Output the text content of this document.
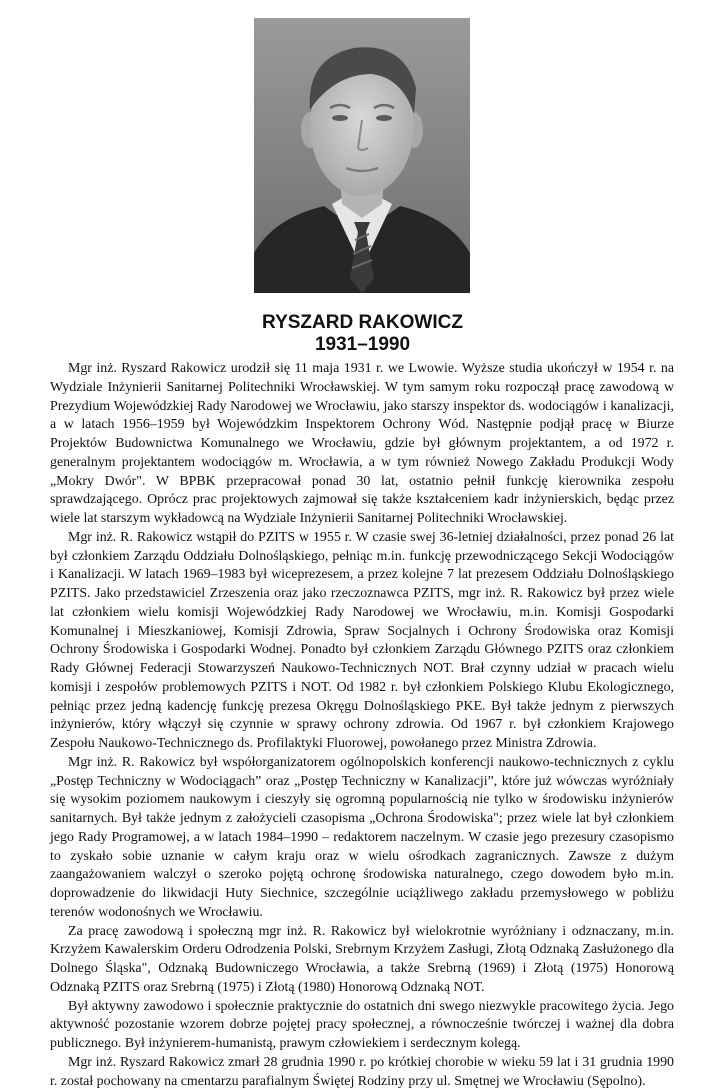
RYSZARD RAKOWICZ
1931–1990

Mgr inż. Ryszard Rakowicz urodził się 11 maja 1931 r. we Lwowie. Wyższe studia ukończył w 1954 r. na Wydziale Inżynierii Sanitarnej Politechniki Wrocławskiej. W tym samym roku rozpoczął pracę zawodową w Prezydium Wojewódzkiej Rady Narodowej we Wrocławiu, jako starszy inspektor ds. wodociągów i kanalizacji, a w latach 1956–1959 był Wojewódzkim Inspektorem Ochrony Wód. Następnie podjął pracę w Biurze Projektów Budownictwa Komunalnego we Wrocławiu, gdzie był głównym projektantem, a od 1972 r. generalnym projektantem wodociągów m. Wrocławia, a w tym również Nowego Zakładu Produkcji Wody „Mokry Dwór". W BPBK przepracował ponad 30 lat, ostatnio pełnił funkcję kierownika zespołu sprawdzającego. Oprócz prac projektowych zajmował się także kształceniem kadr inżynierskich, będąc przez wiele lat starszym wykładowcą na Wydziale Inżynierii Sanitarnej Politechniki Wrocławskiej.

Mgr inż. R. Rakowicz wstąpił do PZITS w 1955 r. W czasie swej 36-letniej działalności, przez ponad 26 lat był członkiem Zarządu Oddziału Dolnośląskiego, pełniąc m.in. funkcję przewodniczącego Sekcji Wodociągów i Kanalizacji. W latach 1969–1983 był wiceprezesem, a przez kolejne 7 lat prezesem Oddziału Dolnośląskiego PZITS. Jako przedstawiciel Zrzeszenia oraz jako rzeczoznawca PZITS, mgr inż. R. Rakowicz był przez wiele lat członkiem wielu komisji Wojewódzkiej Rady Narodowej we Wrocławiu, m.in. Komisji Gospodarki Komunalnej i Mieszkaniowej, Komisji Zdrowia, Spraw Socjalnych i Ochrony Środowiska oraz Komisji Ochrony Środowiska i Gospodarki Wodnej. Ponadto był członkiem Zarządu Głównego PZITS oraz członkiem Rady Głównej Federacji Stowarzyszeń Naukowo-Technicznych NOT. Brał czynny udział w pracach wielu komisji i zespołów problemowych PZITS i NOT. Od 1982 r. był członkiem Polskiego Klubu Ekologicznego, pełniąc przez jedną kadencję funkcję prezesa Okręgu Dolnośląskiego PKE. Był także jednym z pierwszych inżynierów, który włączył się czynnie w sprawy ochrony zdrowia. Od 1967 r. był członkiem Krajowego Zespołu Naukowo-Technicznego ds. Profilaktyki Fluorowej, powołanego przez Ministra Zdrowia.

Mgr inż. R. Rakowicz był współorganizatorem ogólnopolskich konferencji naukowo-technicznych z cyklu „Postęp Techniczny w Wodociągach” oraz „Postęp Techniczny w Kanalizacji”, które już wówczas wyróżniały się wysokim poziomem naukowym i cieszyły się ogromną popularnością nie tylko w środowisku inżynierów sanitarnych. Był także jednym z założycieli czasopisma „Ochrona Środowiska"; przez wiele lat był członkiem jego Rady Programowej, a w latach 1984–1990 – redaktorem naczelnym. W czasie jego prezesury czasopismo to zyskało sobie uznanie w całym kraju oraz w wielu ośrodkach zagranicznych. Zawsze z dużym zaangażowaniem walczył o szeroko pojętą ochronę środowiska naturalnego, czego dowodem było m.in. doprowadzenie do likwidacji Huty Siechnice, szczególnie uciążliwego zakładu przemysłowego w pobliżu terenów wodonośnych we Wrocławiu.

Za pracę zawodową i społeczną mgr inż. R. Rakowicz był wielokrotnie wyróżniany i odznaczany, m.in. Krzyżem Kawalerskim Orderu Odrodzenia Polski, Srebrnym Krzyżem Zasługi, Złotą Odznaką Zasłużonego dla Dolnego Śląska", Odznaką Budowniczego Wrocławia, a także Srebrną (1969) i Złotą (1975) Honorową Odznaką PZITS oraz Srebrną (1975) i Złotą (1980) Honorową Odznaką NOT.

Był aktywny zawodowo i społecznie praktycznie do ostatnich dni swego niezwykle pracowitego życia. Jego aktywność pozostanie wzorem dobrze pojętej pracy społecznej, a równocześnie twórczej i ważnej dla dobra publicznego. Był inżynierem-humanistą, prawym człowiekiem i serdecznym kolegą.

Mgr inż. Ryszard Rakowicz zmarł 28 grudnia 1990 r. po krótkiej chorobie w wieku 59 lat i 31 grudnia 1990 r. został pochowany na cmentarzu parafialnym Świętej Rodziny przy ul. Smętnej we Wrocławiu (Sępolno).
